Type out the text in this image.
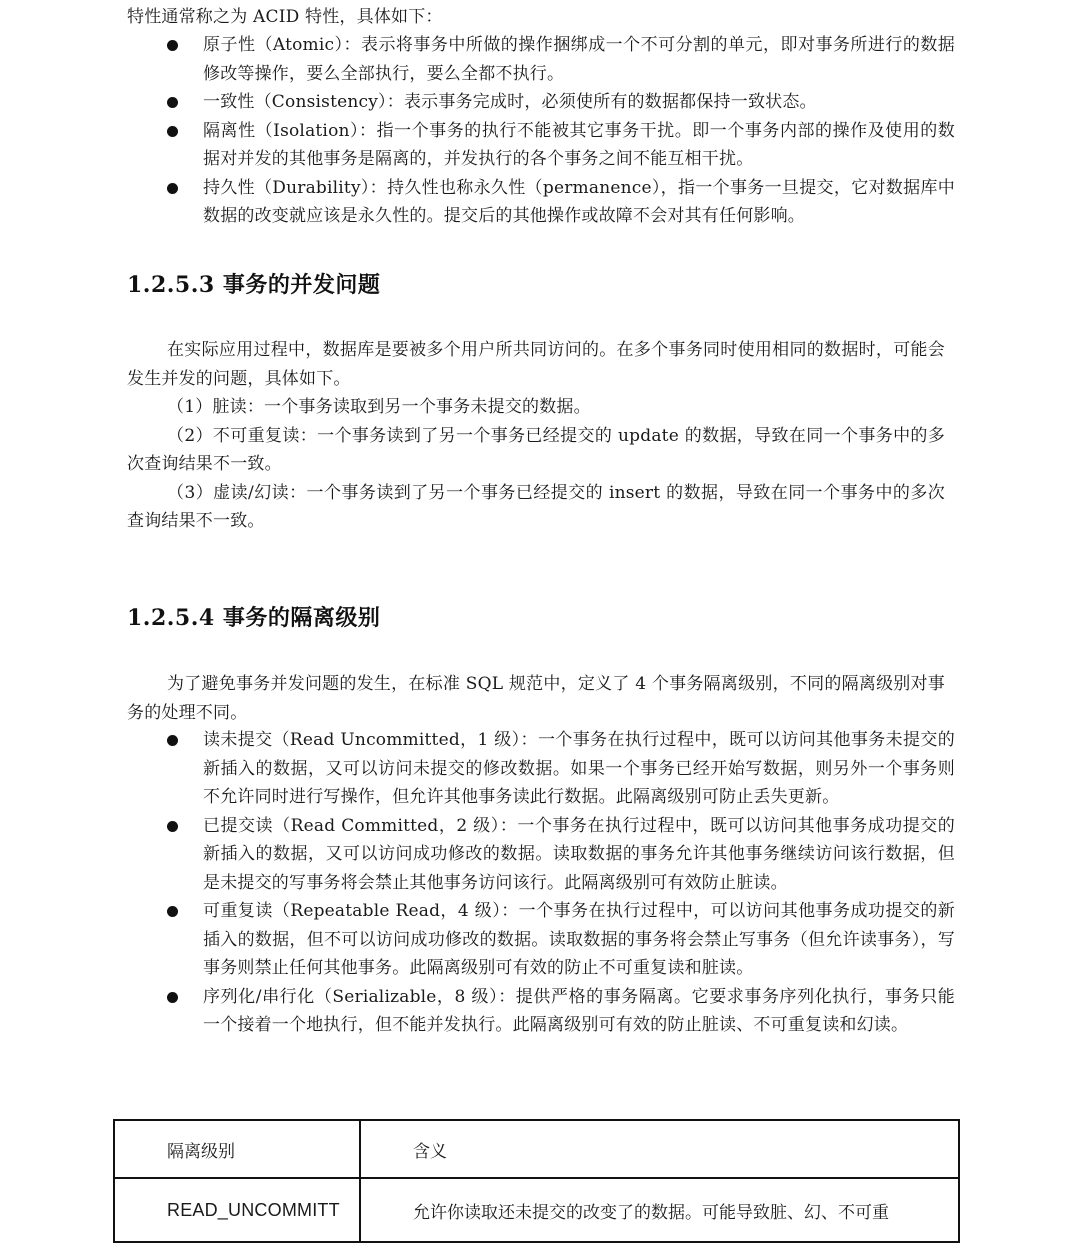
特性通常称之为 ACID 特性，具体如下：
原子性（Atomic）：表示将事务中所做的操作捆绑成一个不可分割的单元，即对事务所进行的数据修改等操作，要么全部执行，要么全都不执行。
一致性（Consistency）：表示事务完成时，必须使所有的数据都保持一致状态。
隔离性（Isolation）：指一个事务的执行不能被其它事务干扰。即一个事务内部的操作及使用的数据对并发的其他事务是隔离的，并发执行的各个事务之间不能互相干扰。
持久性（Durability）：持久性也称永久性（permanence），指一个事务一旦提交，它对数据库中数据的改变就应该是永久性的。提交后的其他操作或故障不会对其有任何影响。
1.2.5.3 事务的并发问题

在实际应用过程中，数据库是要被多个用户所共同访问的。在多个事务同时使用相同的数据时，可能会发生并发的问题，具体如下。

（1）脏读：一个事务读取到另一个事务未提交的数据。

（2）不可重复读：一个事务读到了另一个事务已经提交的 update 的数据，导致在同一个事务中的多次查询结果不一致。

（3）虚读/幻读：一个事务读到了另一个事务已经提交的 insert 的数据，导致在同一个事务中的多次查询结果不一致。

1.2.5.4 事务的隔离级别

为了避免事务并发问题的发生，在标准 SQL 规范中，定义了 4 个事务隔离级别，不同的隔离级别对事务的处理不同。

读未提交（Read Uncommitted，1 级）：一个事务在执行过程中，既可以访问其他事务未提交的新插入的数据，又可以访问未提交的修改数据。如果一个事务已经开始写数据，则另外一个事务则不允许同时进行写操作，但允许其他事务读此行数据。此隔离级别可防止丢失更新。
已提交读（Read Committed，2 级）：一个事务在执行过程中，既可以访问其他事务成功提交的新插入的数据，又可以访问成功修改的数据。读取数据的事务允许其他事务继续访问该行数据，但是未提交的写事务将会禁止其他事务访问该行。此隔离级别可有效防止脏读。
可重复读（Repeatable Read，4 级）：一个事务在执行过程中，可以访问其他事务成功提交的新插入的数据，但不可以访问成功修改的数据。读取数据的事务将会禁止写事务（但允许读事务），写事务则禁止任何其他事务。此隔离级别可有效的防止不可重复读和脏读。
序列化/串行化（Serializable，8 级）：提供严格的事务隔离。它要求事务序列化执行，事务只能一个接着一个地执行，但不能并发执行。此隔离级别可有效的防止脏读、不可重复读和幻读。
隔离级别	含义

READ_UNCOMMITT	允许你读取还未提交的改变了的数据。可能导致脏、幻、不可重
